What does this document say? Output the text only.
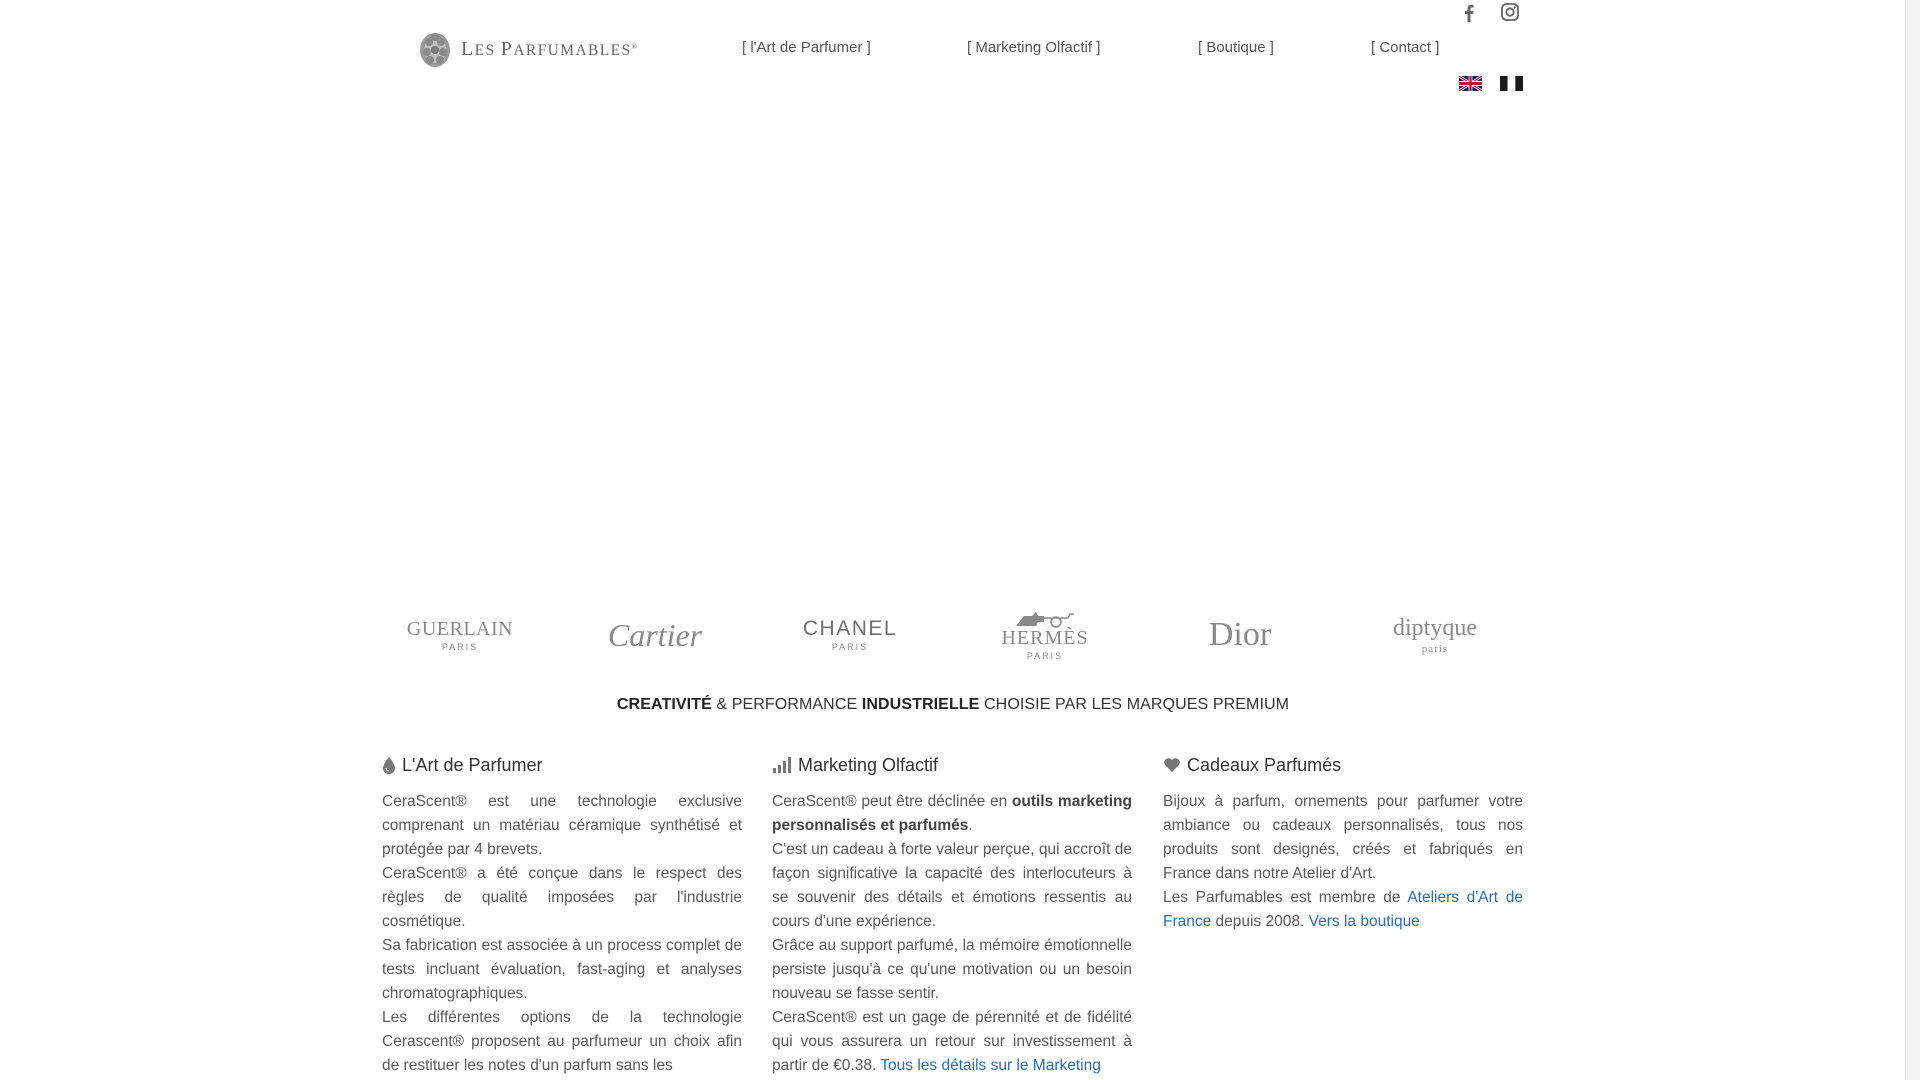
LES PARFUMABLES®	[ l'Art de Parfumer ]	[ Marketing Olfactif ]	[ Boutique ]	[ Contact ]
GUERLAIN
PARIS	Cartier	CHANEL
PARIS	HERMÈS
PARIS
Dior	diptyque
paris
CREATIVITÉ & PERFORMANCE INDUSTRIELLE CHOISIE PAR LES MARQUES PREMIUM
L'Art de Parfumer

CeraScent® est une technologie exclusive comprenant un matériau céramique synthétisé et protégée par 4 brevets.

CeraScent® a été conçue dans le respect des règles de qualité imposées par l'industrie cosmétique.

Sa fabrication est associée à un process complet de tests incluant évaluation, fast-aging et analyses chromatographiques.

Les différentes options de la technologie Cerascent® proposent au parfumeur un choix afin de restituer les notes d'un parfum sans les

Marketing Olfactif

CeraScent® peut être déclinée en outils marketing personnalisés et parfumés.

C'est un cadeau à forte valeur perçue, qui accroît de façon significative la capacité des interlocuteurs à se souvenir des détails et émotions ressentis au cours d'une expérience.

Grâce au support parfumé, la mémoire émotionnelle persiste jusqu'à ce qu'une motivation ou un besoin nouveau se fasse sentir.

CeraScent® est un gage de pérennité et de fidélité qui vous assurera un retour sur investissement à partir de €0.38. Tous les détails sur le Marketing

Cadeaux Parfumés

Bijoux à parfum, ornements pour parfumer votre ambiance ou cadeaux personnalisés, tous nos produits sont designés, créés et fabriqués en France dans notre Atelier d'Art.

Les Parfumables est membre de Ateliers d'Art de France depuis 2008. Vers la boutique
